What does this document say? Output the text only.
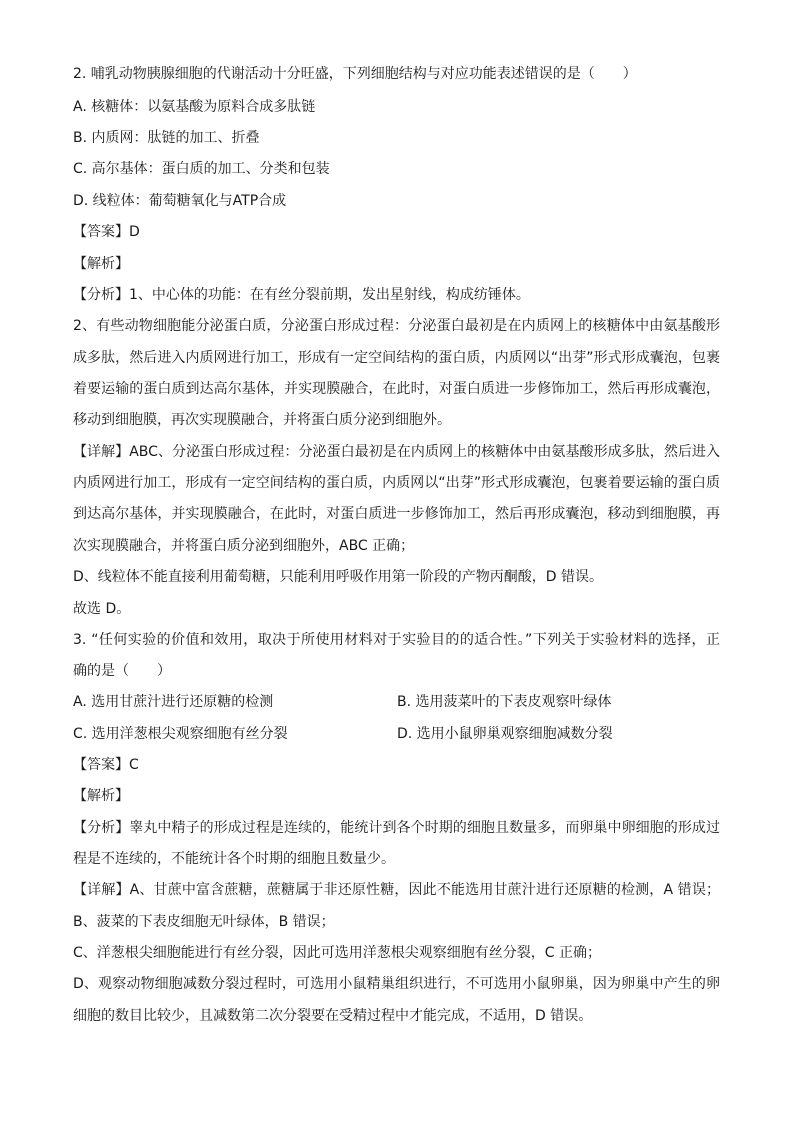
2. 哺乳动物胰腺细胞的代谢活动十分旺盛，下列细胞结构与对应功能表述错误的是（　　）
A. 核糖体：以氨基酸为原料合成多肽链
B. 内质网：肽链的加工、折叠
C. 高尔基体：蛋白质的加工、分类和包装
D. 线粒体：葡萄糖氧化与ATP合成
【答案】D
【解析】
【分析】1、中心体的功能：在有丝分裂前期，发出星射线，构成纺锤体。
2、有些动物细胞能分泌蛋白质，分泌蛋白形成过程：分泌蛋白最初是在内质网上的核糖体中由氨基酸形
成多肽，然后进入内质网进行加工，形成有一定空间结构的蛋白质，内质网以“出芽”形式形成囊泡，包裹
着要运输的蛋白质到达高尔基体，并实现膜融合，在此时，对蛋白质进一步修饰加工，然后再形成囊泡，
移动到细胞膜，再次实现膜融合，并将蛋白质分泌到细胞外。
【详解】ABC、分泌蛋白形成过程：分泌蛋白最初是在内质网上的核糖体中由氨基酸形成多肽，然后进入
内质网进行加工，形成有一定空间结构的蛋白质，内质网以“出芽”形式形成囊泡，包裹着要运输的蛋白质
到达高尔基体，并实现膜融合，在此时，对蛋白质进一步修饰加工，然后再形成囊泡，移动到细胞膜，再
次实现膜融合，并将蛋白质分泌到细胞外，ABC 正确；
D、线粒体不能直接利用葡萄糖，只能利用呼吸作用第一阶段的产物丙酮酸，D 错误。
故选 D。
3. “任何实验的价值和效用，取决于所使用材料对于实验目的的适合性。”下列关于实验材料的选择，正
确的是（　　）
A. 选用甘蔗汁进行还原糖的检测	B. 选用菠菜叶的下表皮观察叶绿体
C. 选用洋葱根尖观察细胞有丝分裂	D. 选用小鼠卵巢观察细胞减数分裂
【答案】C
【解析】
【分析】睾丸中精子的形成过程是连续的，能统计到各个时期的细胞且数量多，而卵巢中卵细胞的形成过
程是不连续的，不能统计各个时期的细胞且数量少。
【详解】A、甘蔗中富含蔗糖，蔗糖属于非还原性糖，因此不能选用甘蔗汁进行还原糖的检测，A 错误；
B、菠菜的下表皮细胞无叶绿体，B 错误；
C、洋葱根尖细胞能进行有丝分裂，因此可选用洋葱根尖观察细胞有丝分裂，C 正确；
D、观察动物细胞减数分裂过程时，可选用小鼠精巢组织进行，不可选用小鼠卵巢，因为卵巢中产生的卵
细胞的数目比较少，且减数第二次分裂要在受精过程中才能完成，不适用，D 错误。
